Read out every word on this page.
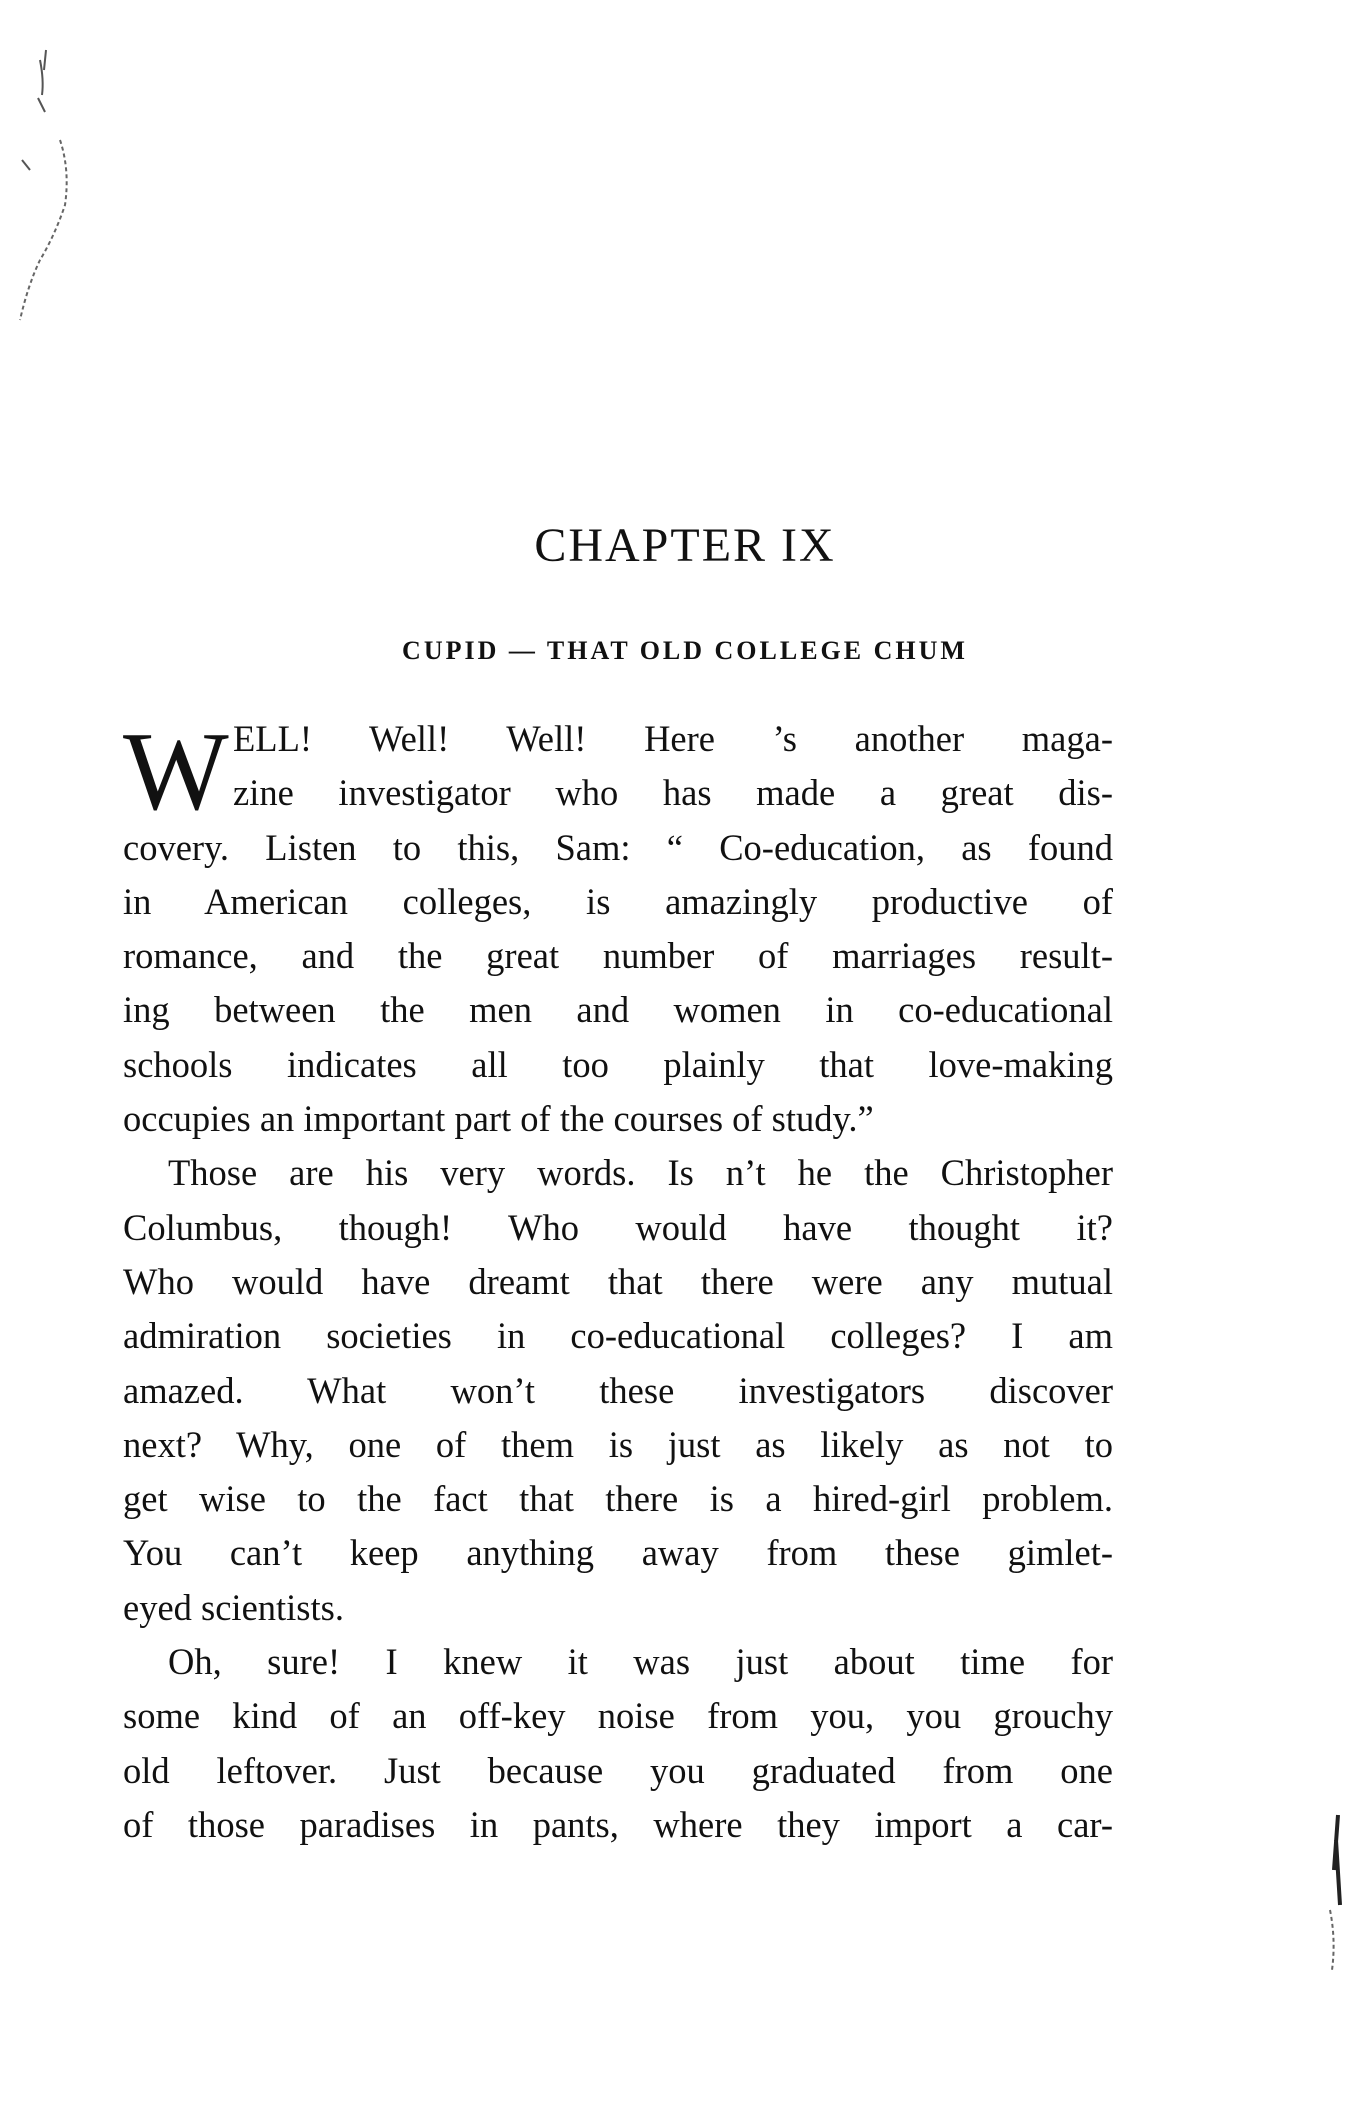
CHAPTER IX
CUPID — THAT OLD COLLEGE CHUM
W ELL! Well! Well! Here ’s another maga-
zine investigator who has made a great dis-
covery. Listen to this, Sam: “ Co-education, as found
in American colleges, is amazingly productive of
romance, and the great number of marriages result-
ing between the men and women in co-educational
schools indicates all too plainly that love-making
occupies an important part of the courses of study.”
Those are his very words. Is n’t he the Christopher
Columbus, though! Who would have thought it?
Who would have dreamt that there were any mutual
admiration societies in co-educational colleges? I am
amazed. What won’t these investigators discover
next? Why, one of them is just as likely as not to
get wise to the fact that there is a hired-girl problem.
You can’t keep anything away from these gimlet-
eyed scientists.
Oh, sure! I knew it was just about time for
some kind of an off-key noise from you, you grouchy
old leftover. Just because you graduated from one
of those paradises in pants, where they import a car-
